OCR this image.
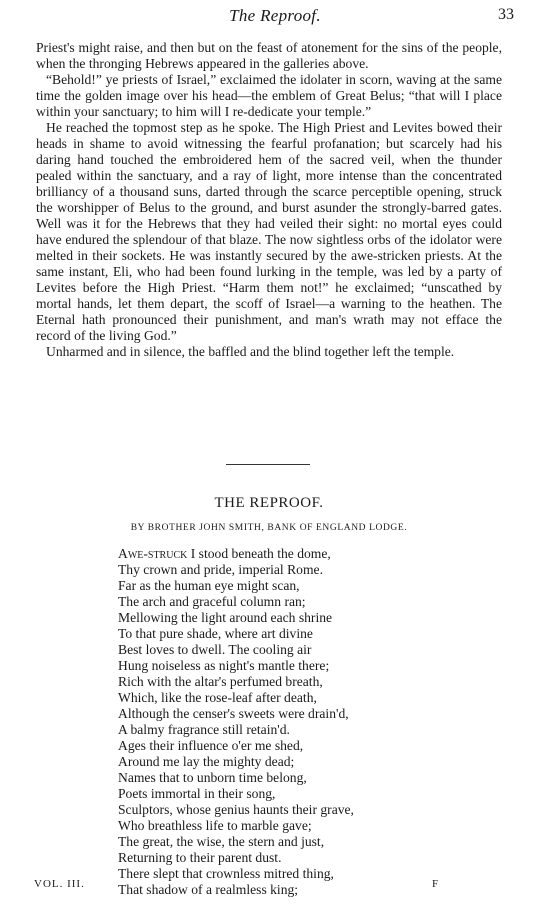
The Reproof.	33

Priest's might raise, and then but on the feast of atonement for the sins of the people, when the thronging Hebrews appeared in the galleries above.

“Behold!” ye priests of Israel,” exclaimed the idolater in scorn, waving at the same time the golden image over his head—the emblem of Great Belus; “that will I place within your sanctuary; to him will I re-dedicate your temple.”

He reached the topmost step as he spoke. The High Priest and Levites bowed their heads in shame to avoid witnessing the fearful profanation; but scarcely had his daring hand touched the embroidered hem of the sacred veil, when the thunder pealed within the sanctuary, and a ray of light, more intense than the concentrated brilliancy of a thousand suns, darted through the scarce perceptible opening, struck the worshipper of Belus to the ground, and burst asunder the strongly-barred gates. Well was it for the Hebrews that they had veiled their sight: no mortal eyes could have endured the splendour of that blaze. The now sightless orbs of the idolator were melted in their sockets. He was instantly secured by the awe-stricken priests. At the same instant, Eli, who had been found lurking in the temple, was led by a party of Levites before the High Priest. “Harm them not!” he exclaimed; “unscathed by mortal hands, let them depart, the scoff of Israel—a warning to the heathen. The Eternal hath pronounced their punishment, and man's wrath may not efface the record of the living God.”

Unharmed and in silence, the baffled and the blind together left the temple.

THE REPROOF.
BY BROTHER JOHN SMITH, BANK OF ENGLAND LODGE.
Awe-struck I stood beneath the dome,
Thy crown and pride, imperial Rome.
Far as the human eye might scan,
The arch and graceful column ran;
Mellowing the light around each shrine
To that pure shade, where art divine
Best loves to dwell. The cooling air
Hung noiseless as night's mantle there;
Rich with the altar's perfumed breath,
Which, like the rose-leaf after death,
Although the censer's sweets were drain'd,
A balmy fragrance still retain'd.
Ages their influence o'er me shed,
Around me lay the mighty dead;
Names that to unborn time belong,
Poets immortal in their song,
Sculptors, whose genius haunts their grave,
Who breathless life to marble gave;
The great, the wise, the stern and just,
Returning to their parent dust.
There slept that crownless mitred thing,
That shadow of a realmless king;
VOL. III.	F
